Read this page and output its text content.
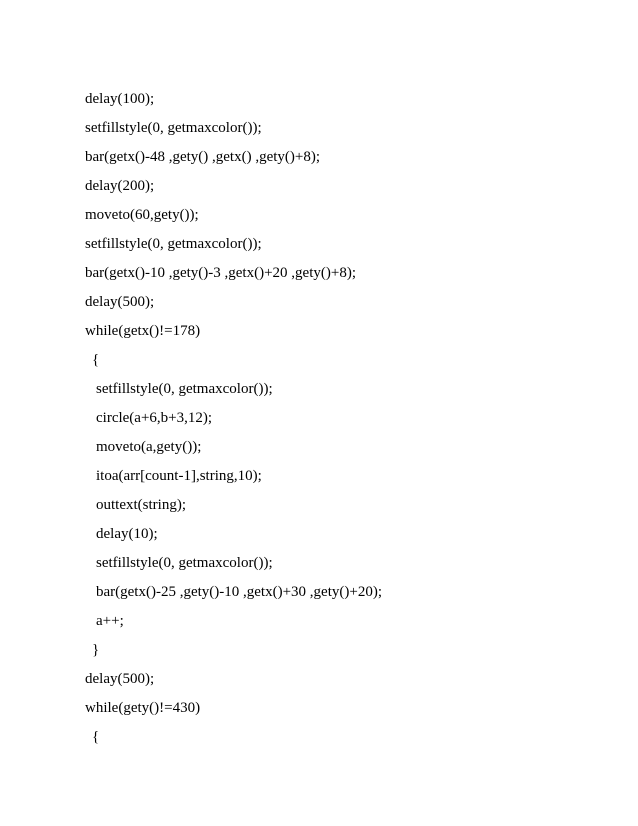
delay(100);
setfillstyle(0, getmaxcolor());
bar(getx()-48 ,gety() ,getx() ,gety()+8);
delay(200);
moveto(60,gety());
setfillstyle(0, getmaxcolor());
bar(getx()-10 ,gety()-3 ,getx()+20 ,gety()+8);
delay(500);
while(getx()!=178)
{
setfillstyle(0, getmaxcolor());
circle(a+6,b+3,12);
moveto(a,gety());
itoa(arr[count-1],string,10);
outtext(string);
delay(10);
setfillstyle(0, getmaxcolor());
bar(getx()-25 ,gety()-10 ,getx()+30 ,gety()+20);
a++;
}
delay(500);
while(gety()!=430)
{
